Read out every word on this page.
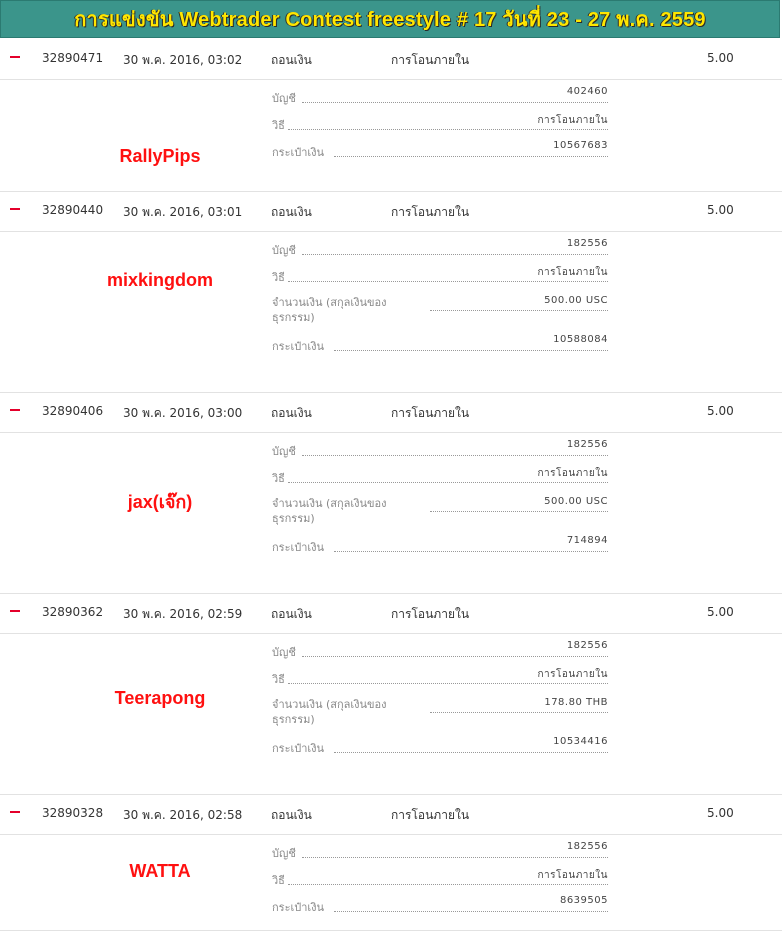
การแข่งขัน Webtrader Contest freestyle # 17 วันที่ 23 - 27 พ.ค. 2559
32890471 30 พ.ค. 2016, 03:02 ถอนเงิน	การโอนภายใน	5.00
RallyPips
บัญชี
402460
วิธี	การโอนภายใน
กระเป๋าเงิน
10567683
32890440 30 พ.ค. 2016, 03:01 ถอนเงิน	การโอนภายใน	5.00
mixkingdom
บัญชี
182556
วิธี	การโอนภายใน
จำนวนเงิน (สกุลเงินของธุรกรรม)
500.00 USC
กระเป๋าเงิน
10588084
32890406 30 พ.ค. 2016, 03:00 ถอนเงิน	การโอนภายใน	5.00
jax(เจ๊ก)
บัญชี
182556
วิธี	การโอนภายใน
จำนวนเงิน (สกุลเงินของธุรกรรม)
500.00 USC
กระเป๋าเงิน
714894
32890362 30 พ.ค. 2016, 02:59 ถอนเงิน	การโอนภายใน	5.00
Teerapong
บัญชี
182556
วิธี	การโอนภายใน
จำนวนเงิน (สกุลเงินของธุรกรรม)
178.80 THB
กระเป๋าเงิน
10534416
32890328 30 พ.ค. 2016, 02:58 ถอนเงิน	การโอนภายใน	5.00
WATTA
บัญชี
182556
วิธี	การโอนภายใน
กระเป๋าเงิน
8639505
